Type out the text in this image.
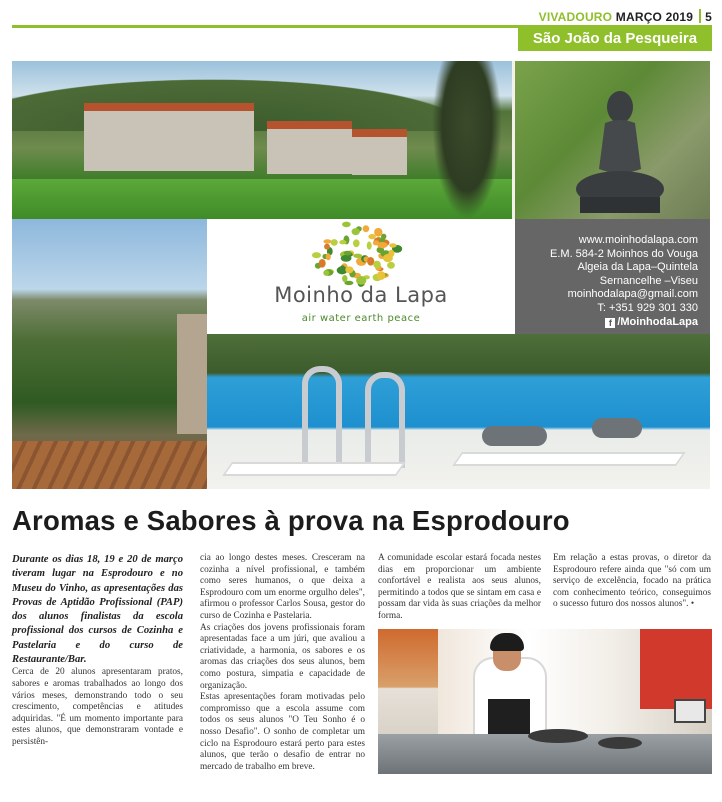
VIVADOURO MARÇO 2019 5
São João da Pesqueira
Moinho da Lapa
air water earth peace
www.moinhodalapa.com
E.M. 584-2 Moinhos do Vouga
Algeia da Lapa–Quintela
Sernancelhe –Viseu
moinhodalapa@gmail.com
T: +351 929 301 330
f /MoinhodaLapa
Aromas e Sabores à prova na Esprodouro

Durante os dias 18, 19 e 20 de março tiveram lugar na Esprodouro e no Museu do Vinho, as apresentações das Provas de Aptidão Profissional (PAP) dos alunos finalistas da escola profissional dos cursos de Cozinha e Pastelaria e do curso de Restaurante/Bar.

Cerca de 20 alunos apresentaram pratos, sabores e aromas trabalhados ao longo dos vários meses, demonstrando todo o seu crescimento, competências e atitudes adquiridas. "É um momento importante para estes alunos, que demonstraram vontade e persistên-

cia ao longo destes meses. Cresceram na cozinha a nível profissional, e também como seres humanos, o que deixa a Esprodouro com um enorme orgulho deles", afirmou o professor Carlos Sousa, gestor do curso de Cozinha e Pastelaria.

As criações dos jovens profissionais foram apresentadas face a um júri, que avaliou a criatividade, a harmonia, os sabores e os aromas das criações dos seus alunos, bem como postura, simpatia e capacidade de organização.

Estas apresentações foram motivadas pelo compromisso que a escola assume com todos os seus alunos "O Teu Sonho é o nosso Desafio". O sonho de completar um ciclo na Esprodouro estará perto para estes alunos, que terão o desafio de entrar no mercado de trabalho em breve.

A comunidade escolar estará focada nestes dias em proporcionar um ambiente confortável e realista aos seus alunos, permitindo a todos que se sintam em casa e possam dar vida às suas criações da melhor forma.

Em relação a estas provas, o diretor da Esprodouro refere ainda que "só com um serviço de excelência, focado na prática com conhecimento teórico, conseguimos o sucesso futuro dos nossos alunos". •
